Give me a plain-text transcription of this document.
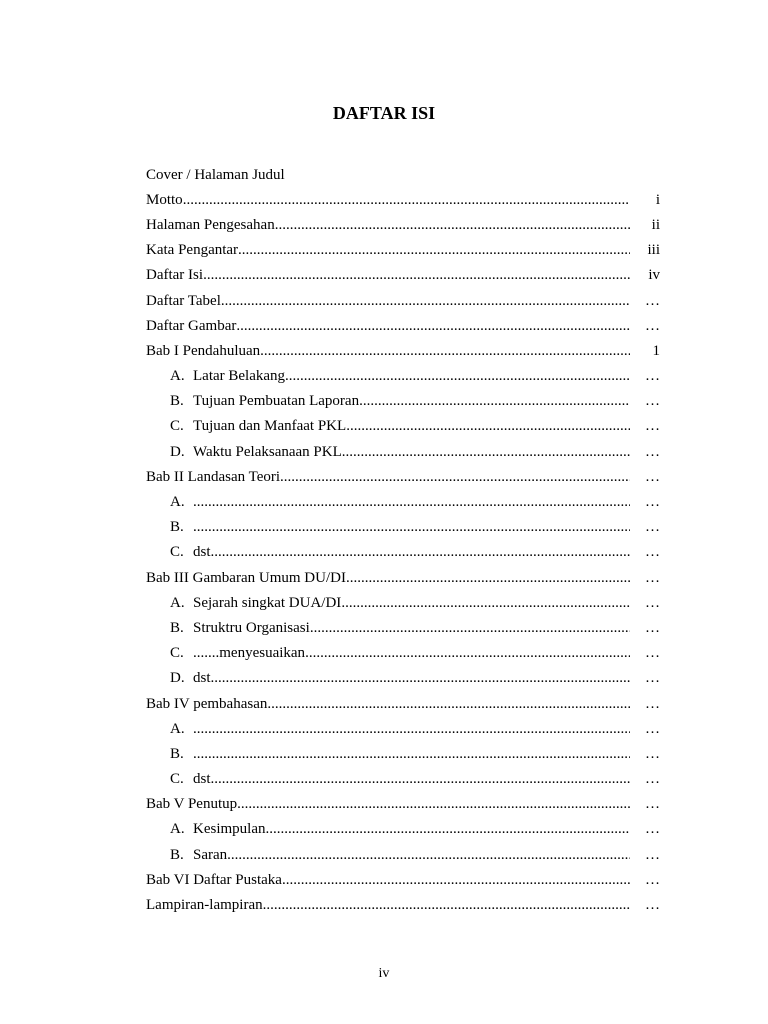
DAFTAR ISI
Cover / Halaman Judul
Motto .....	i
Halaman Pengesahan .....	ii
Kata Pengantar .....	iii
Daftar Isi .....	iv
Daftar Tabel .....	…
Daftar Gambar .....	…
Bab I Pendahuluan .....	1
A. Latar Belakang .....	…
B. Tujuan Pembuatan Laporan .....	…
C. Tujuan dan Manfaat PKL .....	…
D. Waktu Pelaksanaan PKL .....	…
Bab II Landasan Teori .....	…
A. ............. .....	…
B. ............. .....	…
C. dst......... .....	…
Bab III Gambaran Umum DU/DI .....	…
A. Sejarah singkat DUA/DI .....	…
B. Struktru Organisasi .....	…
C. .......menyesuaikan .....	…
D. dst .....	…
Bab IV pembahasan .....	…
A. .....	…
B. .....	…
C. dst .....	…
Bab V Penutup .....	…
A. Kesimpulan .....	…
B. Saran .....	…
Bab VI Daftar Pustaka .....	…
Lampiran-lampiran .....	…
iv
